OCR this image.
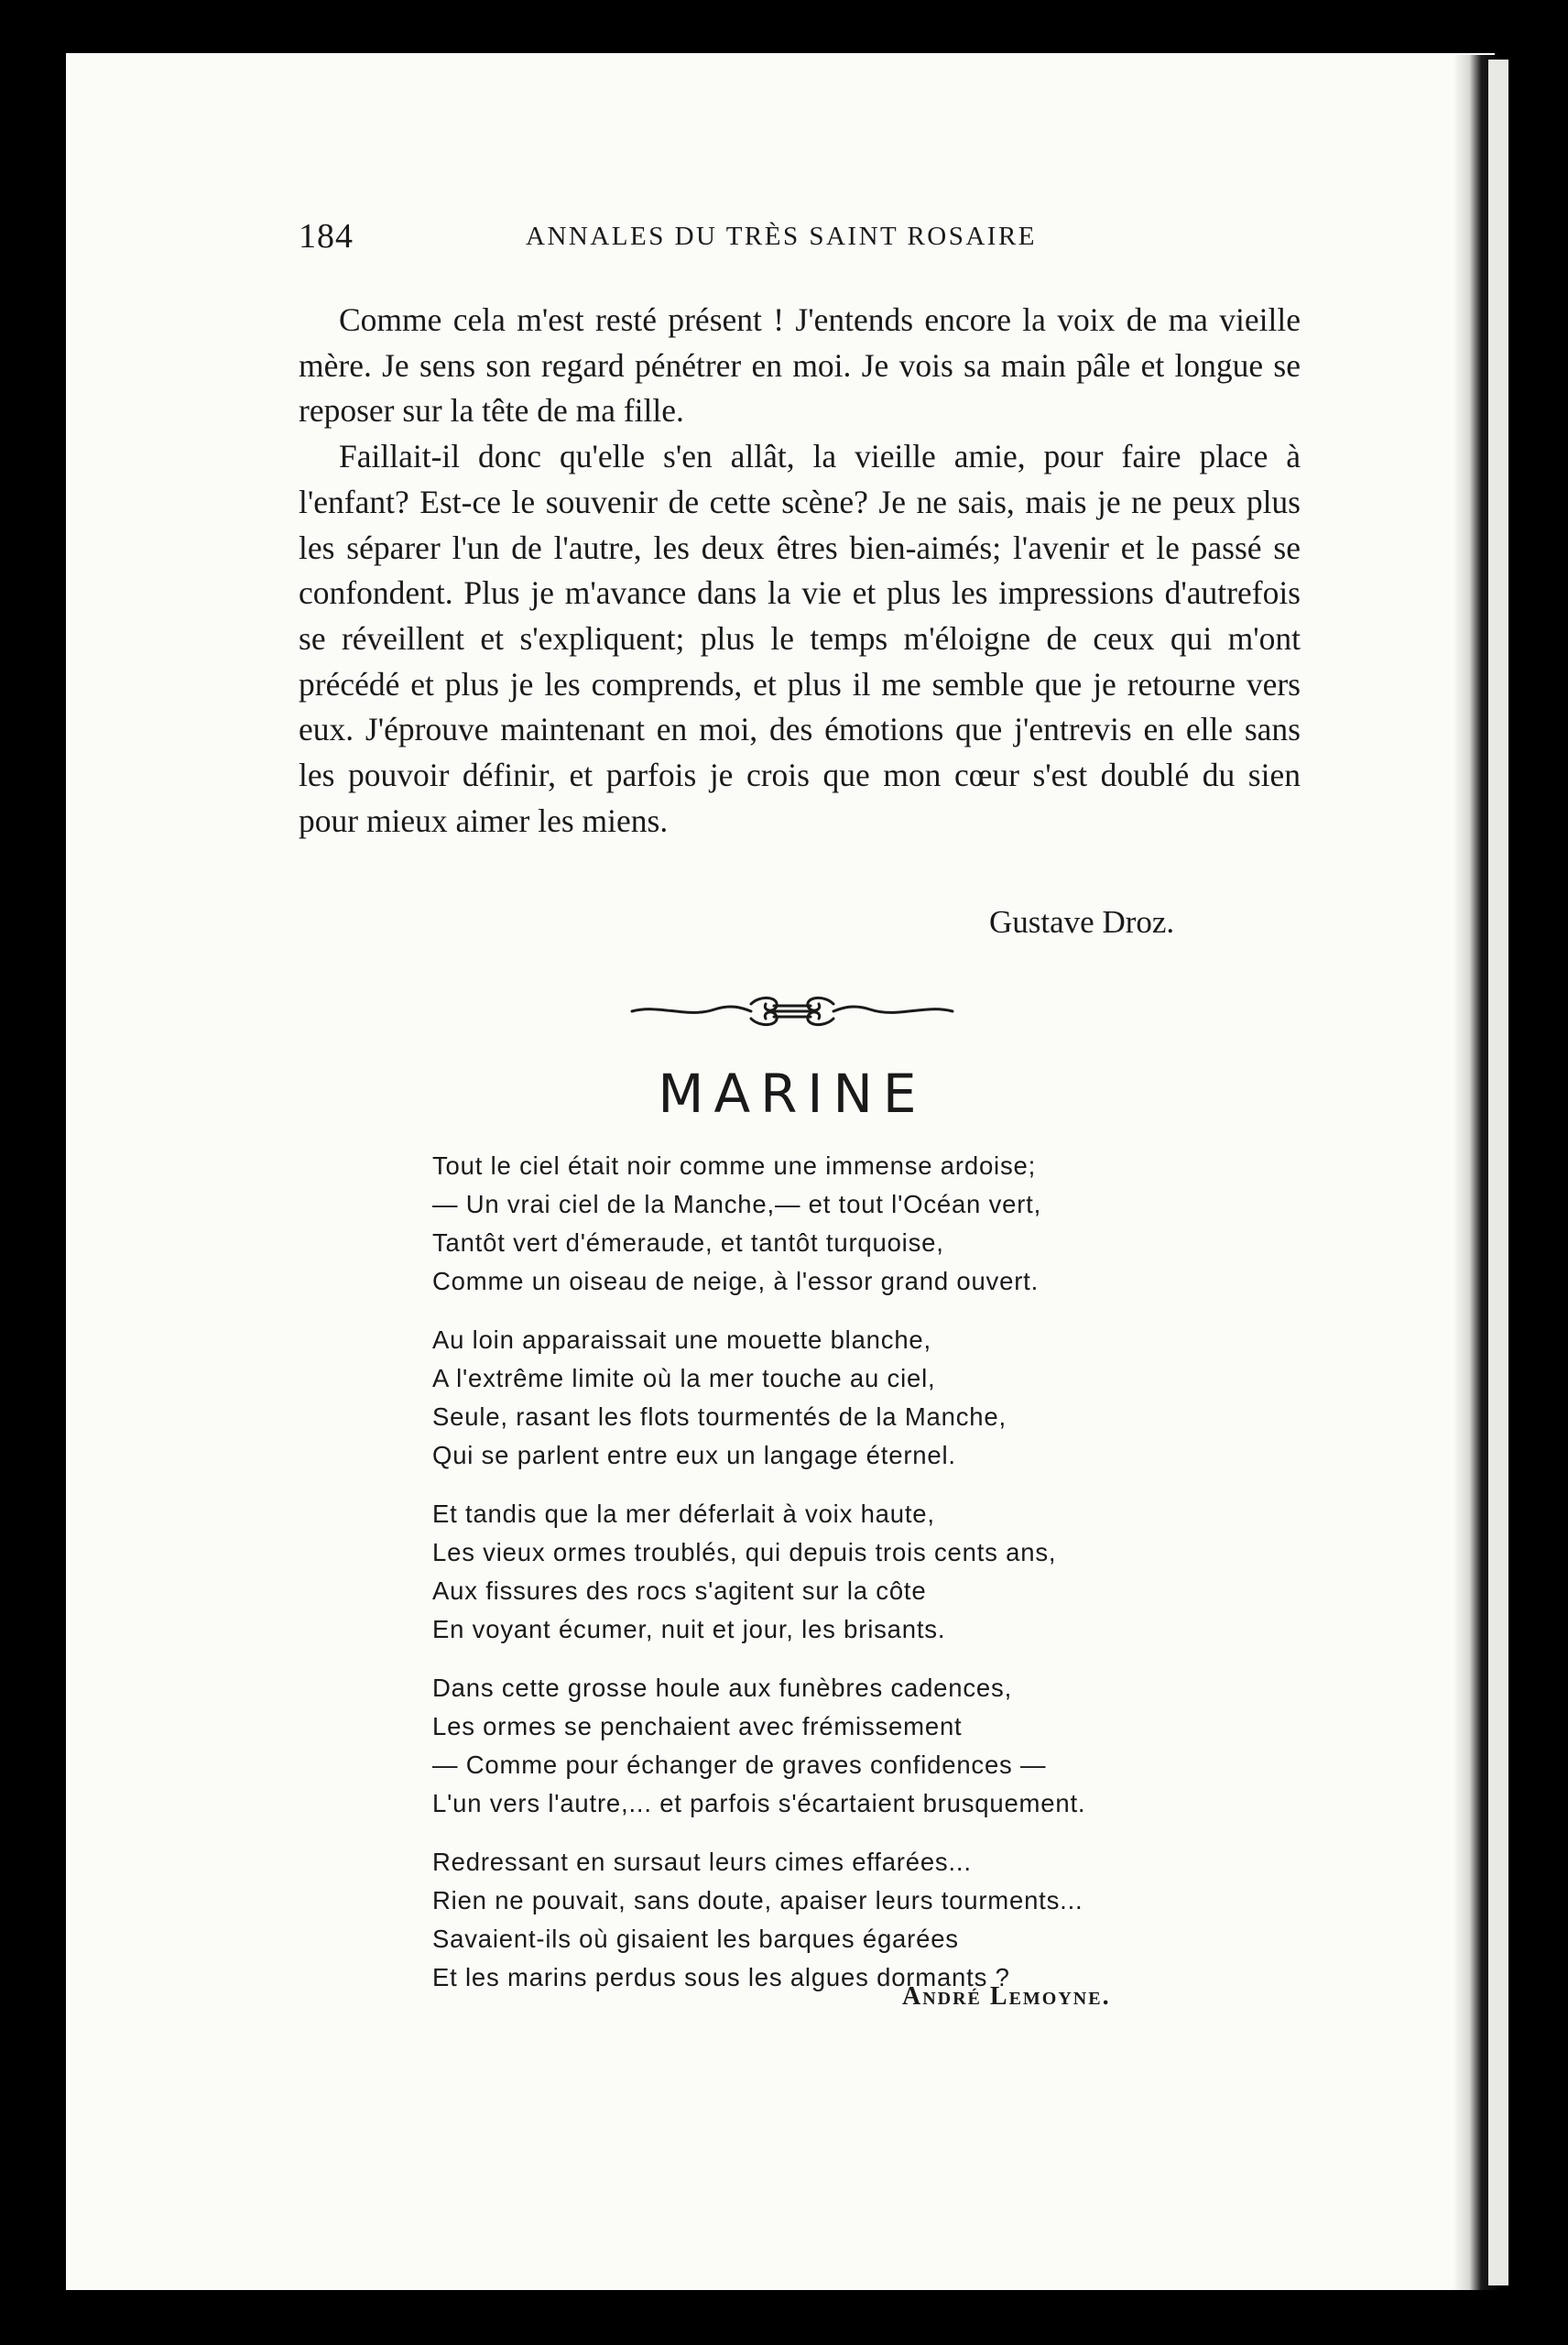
184	ANNALES DU TRÈS SAINT ROSAIRE

Comme cela m'est resté présent ! J'entends encore la voix de ma vieille mère. Je sens son regard pénétrer en moi. Je vois sa main pâle et longue se reposer sur la tête de ma fille.

Faillait-il donc qu'elle s'en allât, la vieille amie, pour faire place à l'enfant? Est-ce le souvenir de cette scène? Je ne sais, mais je ne peux plus les séparer l'un de l'autre, les deux êtres bien-aimés; l'avenir et le passé se confondent. Plus je m'avance dans la vie et plus les impressions d'autrefois se réveillent et s'expliquent; plus le temps m'éloigne de ceux qui m'ont précédé et plus je les comprends, et plus il me semble que je retourne vers eux. J'éprouve maintenant en moi, des émotions que j'entrevis en elle sans les pouvoir définir, et parfois je crois que mon cœur s'est doublé du sien pour mieux aimer les miens.

Gustave Droz.
MARINE
Tout le ciel était noir comme une immense ardoise;
— Un vrai ciel de la Manche,— et tout l'Océan vert,
Tantôt vert d'émeraude, et tantôt turquoise,
Comme un oiseau de neige, à l'essor grand ouvert.
Au loin apparaissait une mouette blanche,
A l'extrême limite où la mer touche au ciel,
Seule, rasant les flots tourmentés de la Manche,
Qui se parlent entre eux un langage éternel.
Et tandis que la mer déferlait à voix haute,
Les vieux ormes troublés, qui depuis trois cents ans,
Aux fissures des rocs s'agitent sur la côte
En voyant écumer, nuit et jour, les brisants.
Dans cette grosse houle aux funèbres cadences,
Les ormes se penchaient avec frémissement
— Comme pour échanger de graves confidences —
L'un vers l'autre,... et parfois s'écartaient brusquement.
Redressant en sursaut leurs cimes effarées...
Rien ne pouvait, sans doute, apaiser leurs tourments...
Savaient-ils où gisaient les barques égarées
Et les marins perdus sous les algues dormants ?
André Lemoyne.
